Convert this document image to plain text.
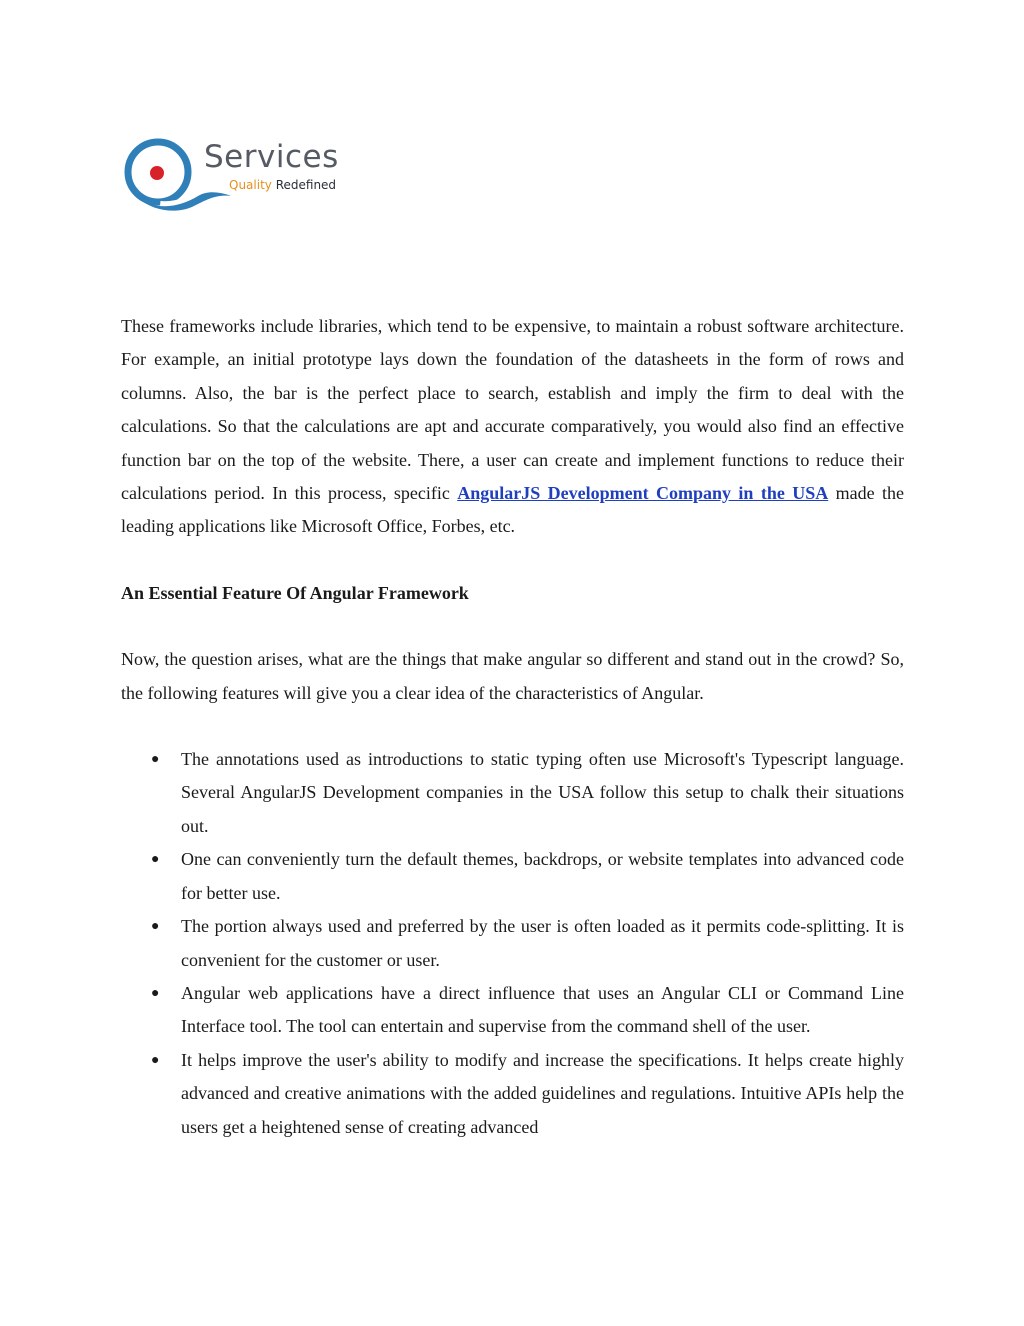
Services
Quality Redefined

These frameworks include libraries, which tend to be expensive, to maintain a robust software architecture. For example, an initial prototype lays down the foundation of the datasheets in the form of rows and columns. Also, the bar is the perfect place to search, establish and imply the firm to deal with the calculations. So that the calculations are apt and accurate comparatively, you would also find an effective function bar on the top of the website. There, a user can create and implement functions to reduce their calculations period. In this process, specific AngularJS Development Company in the USA made the leading applications like Microsoft Office, Forbes, etc.

An Essential Feature Of Angular Framework

Now, the question arises, what are the things that make angular so different and stand out in the crowd? So, the following features will give you a clear idea of the characteristics of Angular.

● The annotations used as introductions to static typing often use Microsoft's Typescript language. Several AngularJS Development companies in the USA follow this setup to chalk their situations out.
● One can conveniently turn the default themes, backdrops, or website templates into advanced code for better use.
● The portion always used and preferred by the user is often loaded as it permits code-splitting. It is convenient for the customer or user.
● Angular web applications have a direct influence that uses an Angular CLI or Command Line Interface tool. The tool can entertain and supervise from the command shell of the user.
● It helps improve the user's ability to modify and increase the specifications. It helps create highly advanced and creative animations with the added guidelines and regulations. Intuitive APIs help the users get a heightened sense of creating advanced
